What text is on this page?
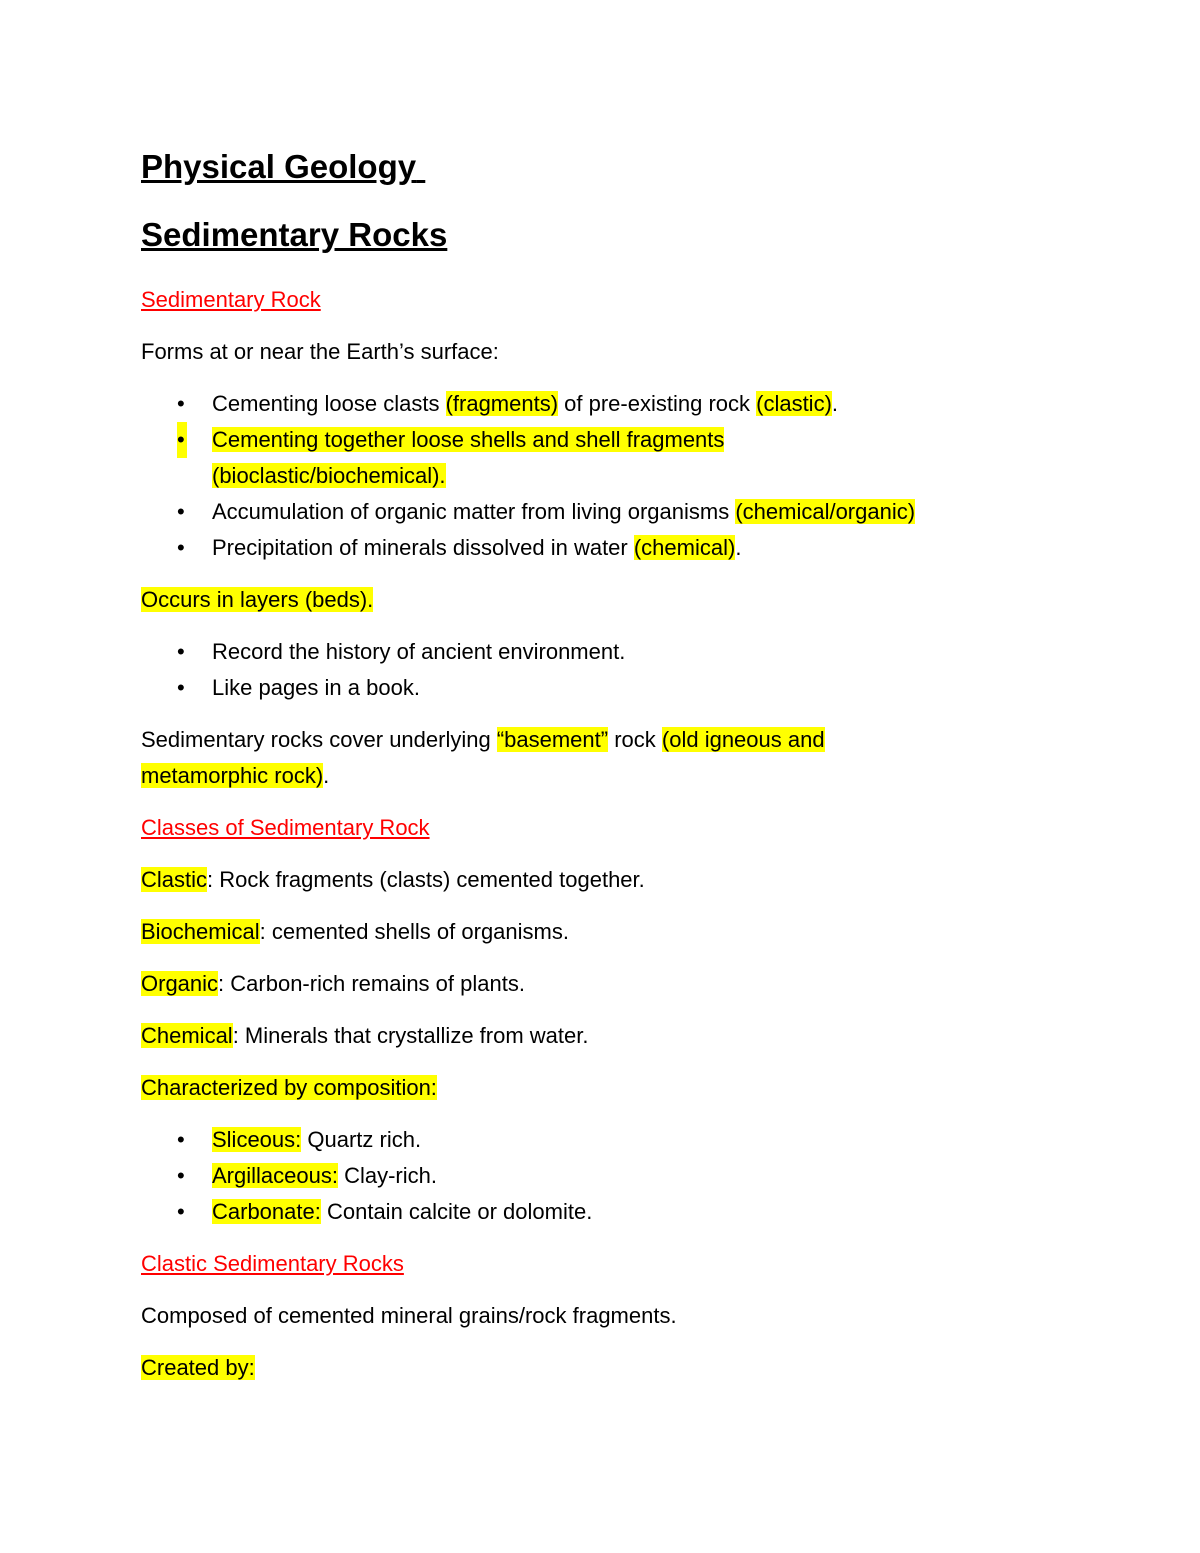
Physical Geology
Sedimentary Rocks

Sedimentary Rock

Forms at or near the Earth’s surface:

• Cementing loose clasts (fragments) of pre-existing rock (clastic).
• Cementing together loose shells and shell fragments
(bioclastic/biochemical).
• Accumulation of organic matter from living organisms (chemical/organic)
• Precipitation of minerals dissolved in water (chemical).

Occurs in layers (beds).

• Record the history of ancient environment.
• Like pages in a book.

Sedimentary rocks cover underlying “basement” rock (old igneous and
metamorphic rock).

Classes of Sedimentary Rock

Clastic: Rock fragments (clasts) cemented together.

Biochemical: cemented shells of organisms.

Organic: Carbon-rich remains of plants.

Chemical: Minerals that crystallize from water.

Characterized by composition:

• Sliceous: Quartz rich.
• Argillaceous: Clay-rich.
• Carbonate: Contain calcite or dolomite.

Clastic Sedimentary Rocks

Composed of cemented mineral grains/rock fragments.

Created by:
